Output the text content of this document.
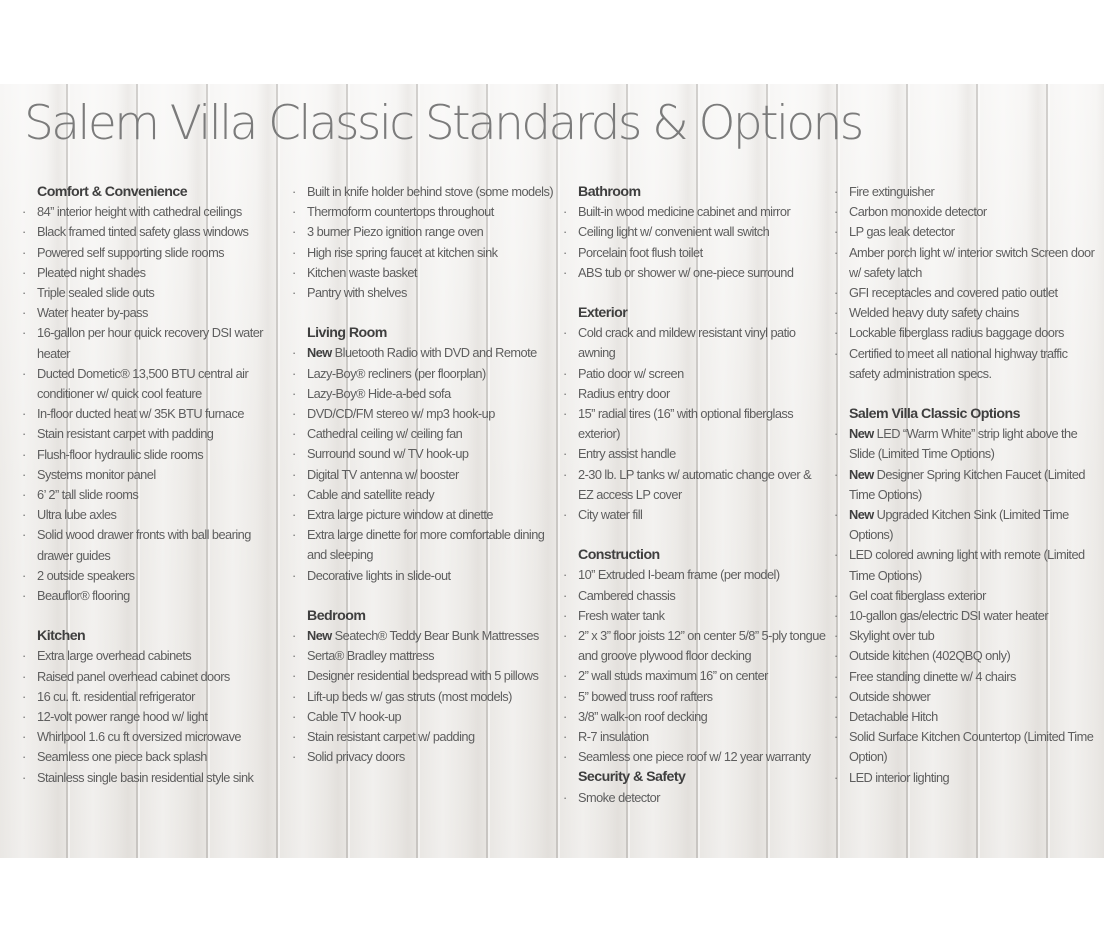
Salem Villa Classic Standards & Options
Comfort & Convenience
· 84” interior height with cathedral ceilings
· Black framed tinted safety glass windows
· Powered self supporting slide rooms
· Pleated night shades
· Triple sealed slide outs
· Water heater by-pass
· 16-gallon per hour quick recovery DSI water heater
· Ducted Dometic® 13,500 BTU central air conditioner w/ quick cool feature
· In-floor ducted heat w/ 35K BTU furnace
· Stain resistant carpet with padding
· Flush-floor hydraulic slide rooms
· Systems monitor panel
· 6’ 2” tall slide rooms
· Ultra lube axles
· Solid wood drawer fronts with ball bearing drawer guides
· 2 outside speakers
· Beauflor® flooring
Kitchen
· Extra large overhead cabinets
· Raised panel overhead cabinet doors
· 16 cu. ft. residential refrigerator
· 12-volt power range hood w/ light
· Whirlpool 1.6 cu ft oversized microwave
· Seamless one piece back splash
· Stainless single basin residential style sink
· Built in knife holder behind stove (some models)
· Thermoform countertops throughout
· 3 burner Piezo ignition range oven
· High rise spring faucet at kitchen sink
· Kitchen waste basket
· Pantry with shelves
Living Room
· New Bluetooth Radio with DVD and Remote
· Lazy-Boy® recliners (per floorplan)
· Lazy-Boy® Hide-a-bed sofa
· DVD/CD/FM stereo w/ mp3 hook-up
· Cathedral ceiling w/ ceiling fan
· Surround sound w/ TV hook-up
· Digital TV antenna w/ booster
· Cable and satellite ready
· Extra large picture window at dinette
· Extra large dinette for more comfortable dining and sleeping
· Decorative lights in slide-out
Bedroom
· New Seatech® Teddy Bear Bunk Mattresses
· Serta® Bradley mattress
· Designer residential bedspread with 5 pillows
· Lift-up beds w/ gas struts (most models)
· Cable TV hook-up
· Stain resistant carpet w/ padding
· Solid privacy doors
Bathroom
· Built-in wood medicine cabinet and mirror
· Ceiling light w/ convenient wall switch
· Porcelain foot flush toilet
· ABS tub or shower w/ one-piece surround
Exterior
· Cold crack and mildew resistant vinyl patio awning
· Patio door w/ screen
· Radius entry door
· 15” radial tires (16” with optional fiberglass exterior)
· Entry assist handle
· 2-30 lb. LP tanks w/ automatic change over & EZ access LP cover
· City water fill
Construction
· 10” Extruded I-beam frame (per model)
· Cambered chassis
· Fresh water tank
· 2” x 3” floor joists 12” on center 5/8” 5-ply tongue and groove plywood floor decking
· 2” wall studs maximum 16” on center
· 5” bowed truss roof rafters
· 3/8” walk-on roof decking
· R-7 insulation
· Seamless one piece roof w/ 12 year warranty
Security & Safety
· Smoke detector
· Fire extinguisher
· Carbon monoxide detector
· LP gas leak detector
· Amber porch light w/ interior switch Screen door w/ safety latch
· GFI receptacles and covered patio outlet
· Welded heavy duty safety chains
· Lockable fiberglass radius baggage doors
· Certified to meet all national highway traffic safety administration specs.
Salem Villa Classic Options
· New LED “Warm White” strip light above the Slide (Limited Time Options)
· New Designer Spring Kitchen Faucet (Limited Time Options)
· New Upgraded Kitchen Sink (Limited Time Options)
· LED colored awning light with remote (Limited Time Options)
· Gel coat fiberglass exterior
· 10-gallon gas/electric DSI water heater
· Skylight over tub
· Outside kitchen (402QBQ only)
· Free standing dinette w/ 4 chairs
· Outside shower
· Detachable Hitch
· Solid Surface Kitchen Countertop (Limited Time Option)
· LED interior lighting
